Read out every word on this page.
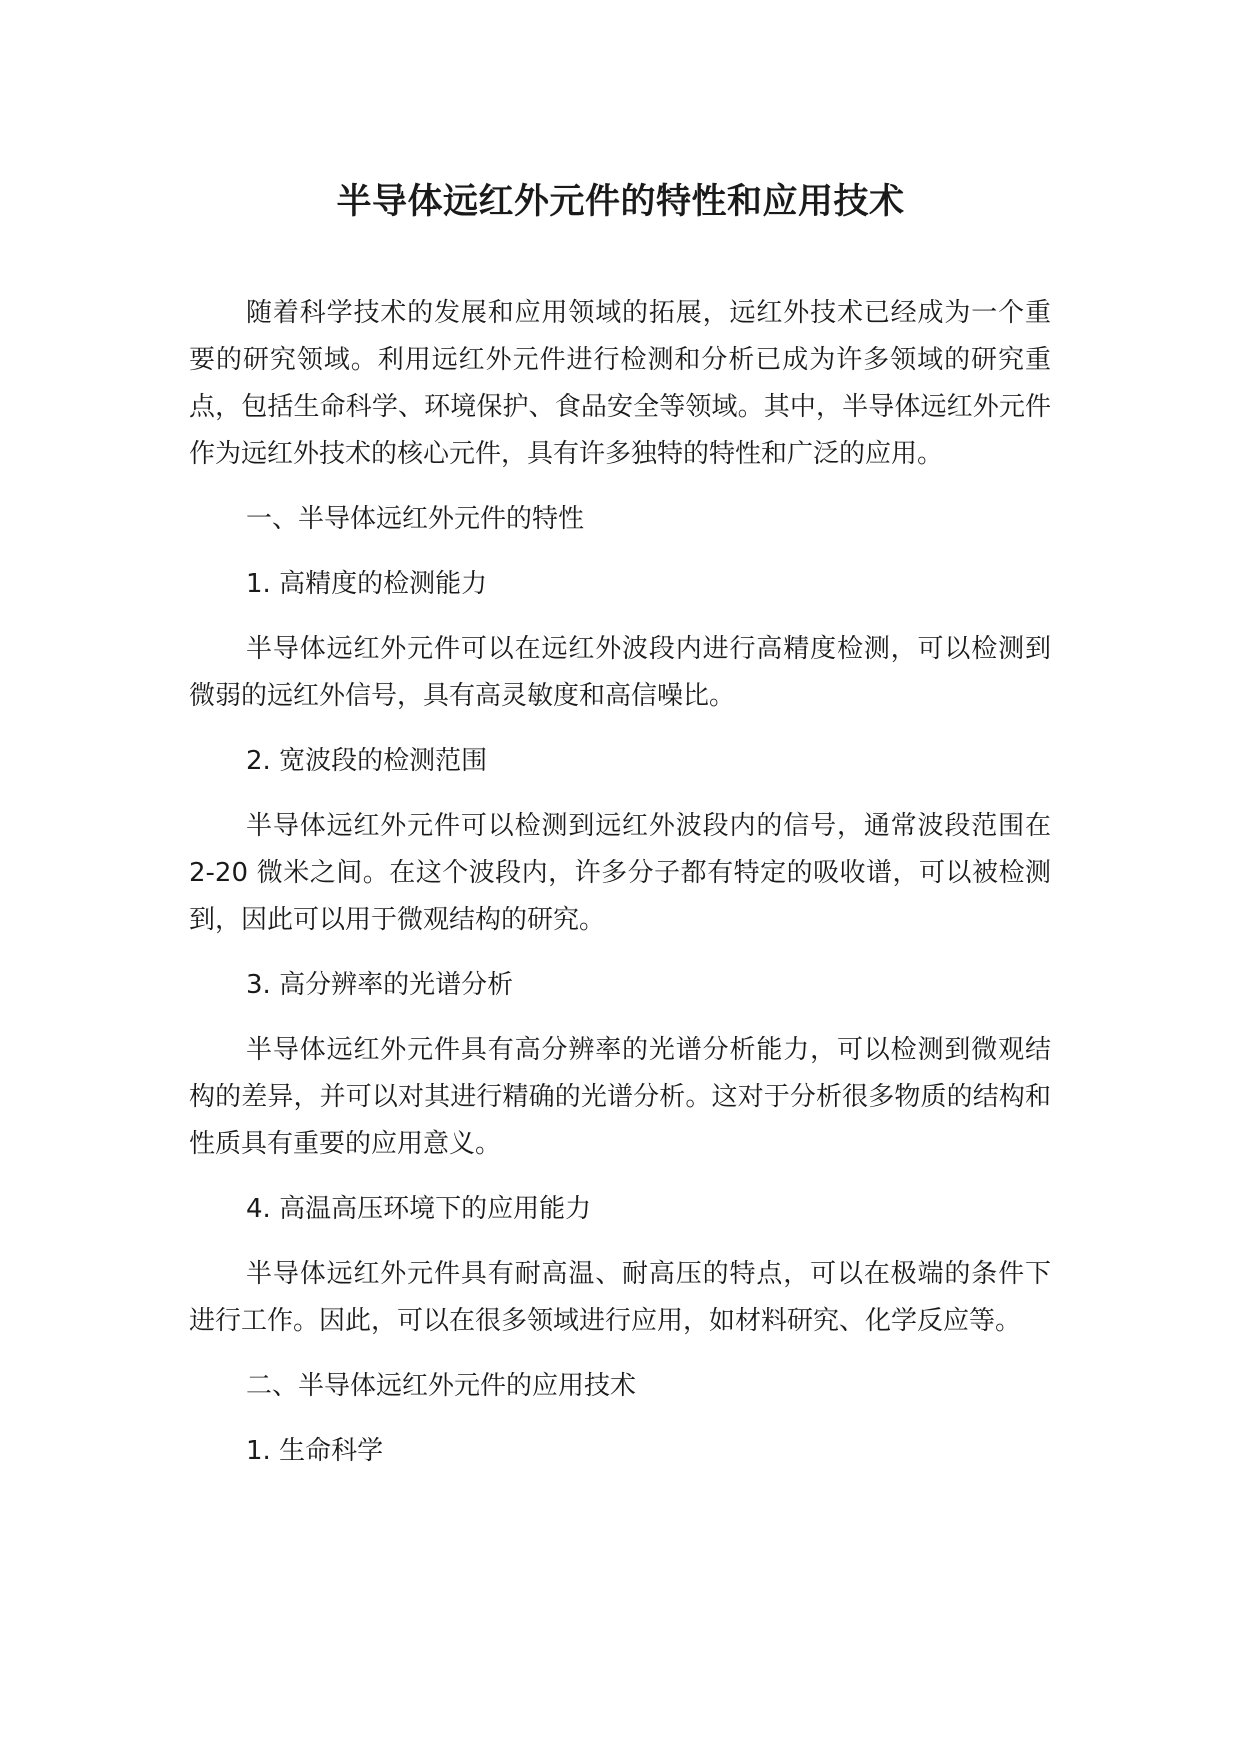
半导体远红外元件的特性和应用技术

随着科学技术的发展和应用领域的拓展，远红外技术已经成为一个重要的研究领域。利用远红外元件进行检测和分析已成为许多领域的研究重点，包括生命科学、环境保护、食品安全等领域。其中，半导体远红外元件作为远红外技术的核心元件，具有许多独特的特性和广泛的应用。

一、半导体远红外元件的特性

1. 高精度的检测能力

半导体远红外元件可以在远红外波段内进行高精度检测，可以检测到微弱的远红外信号，具有高灵敏度和高信噪比。

2. 宽波段的检测范围

半导体远红外元件可以检测到远红外波段内的信号，通常波段范围在 2-20 微米之间。在这个波段内，许多分子都有特定的吸收谱，可以被检测到，因此可以用于微观结构的研究。

3. 高分辨率的光谱分析

半导体远红外元件具有高分辨率的光谱分析能力，可以检测到微观结构的差异，并可以对其进行精确的光谱分析。这对于分析很多物质的结构和性质具有重要的应用意义。

4. 高温高压环境下的应用能力

半导体远红外元件具有耐高温、耐高压的特点，可以在极端的条件下进行工作。因此，可以在很多领域进行应用，如材料研究、化学反应等。

二、半导体远红外元件的应用技术

1. 生命科学
